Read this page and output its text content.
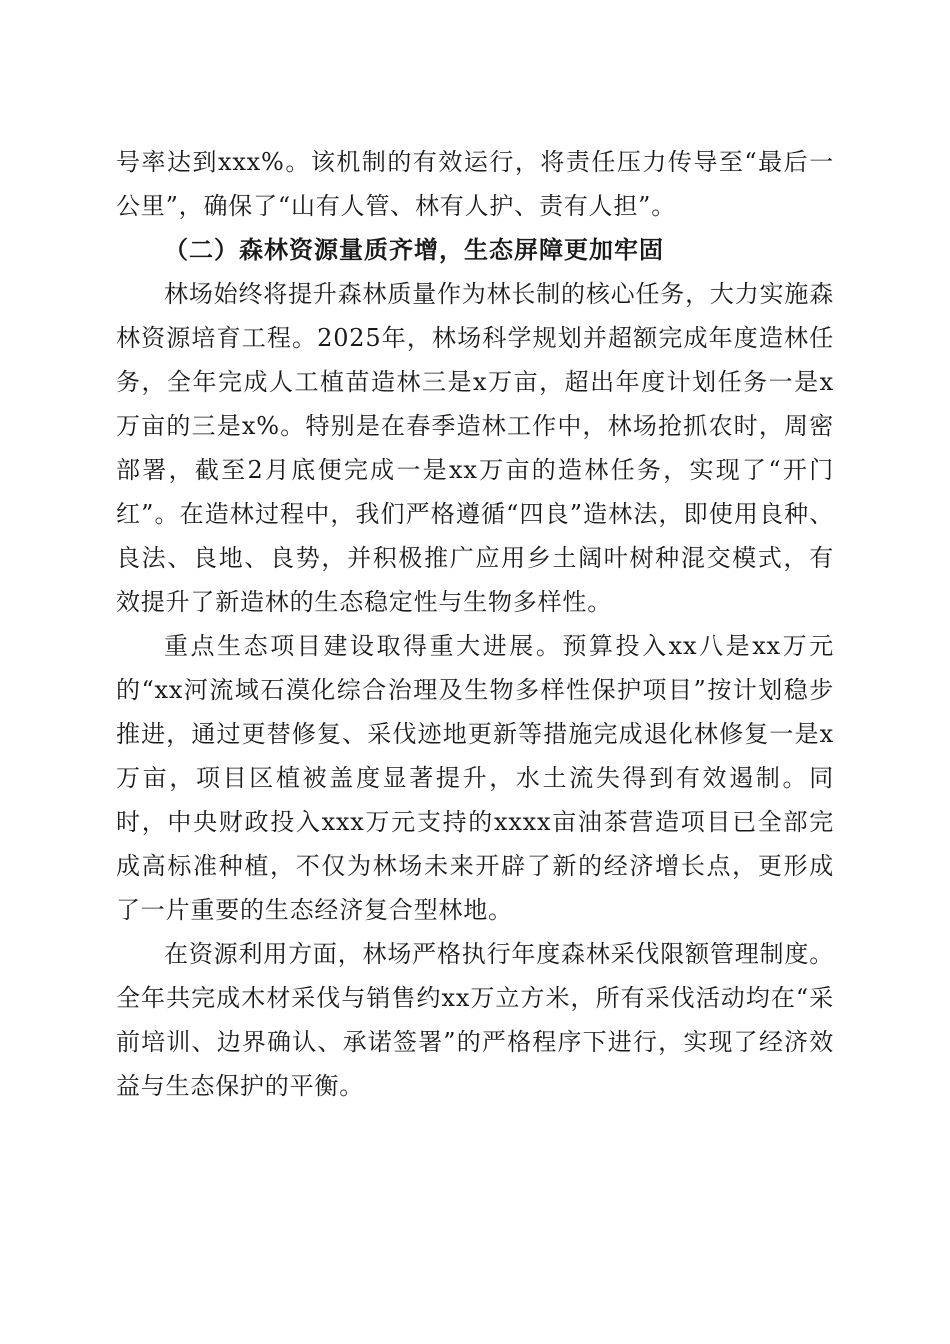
号率达到xxx%。该机制的有效运行，将责任压力传导至“最后一公里”，确保了“山有人管、林有人护、责有人担”。

（二）森林资源量质齐增，生态屏障更加牢固

林场始终将提升森林质量作为林长制的核心任务，大力实施森林资源培育工程。2025年，林场科学规划并超额完成年度造林任务，全年完成人工植苗造林三是x万亩，超出年度计划任务一是x万亩的三是x%。特别是在春季造林工作中，林场抢抓农时，周密部署，截至2月底便完成一是xx万亩的造林任务，实现了“开门红”。在造林过程中，我们严格遵循“四良”造林法，即使用良种、良法、良地、良势，并积极推广应用乡土阔叶树种混交模式，有效提升了新造林的生态稳定性与生物多样性。

重点生态项目建设取得重大进展。预算投入xx八是xx万元的“xx河流域石漠化综合治理及生物多样性保护项目”按计划稳步推进，通过更替修复、采伐迹地更新等措施完成退化林修复一是x万亩，项目区植被盖度显著提升，水土流失得到有效遏制。同时，中央财政投入xxx万元支持的xxxx亩油茶营造项目已全部完成高标准种植，不仅为林场未来开辟了新的经济增长点，更形成了一片重要的生态经济复合型林地。

在资源利用方面，林场严格执行年度森林采伐限额管理制度。全年共完成木材采伐与销售约xx万立方米，所有采伐活动均在“采前培训、边界确认、承诺签署”的严格程序下进行，实现了经济效益与生态保护的平衡。
